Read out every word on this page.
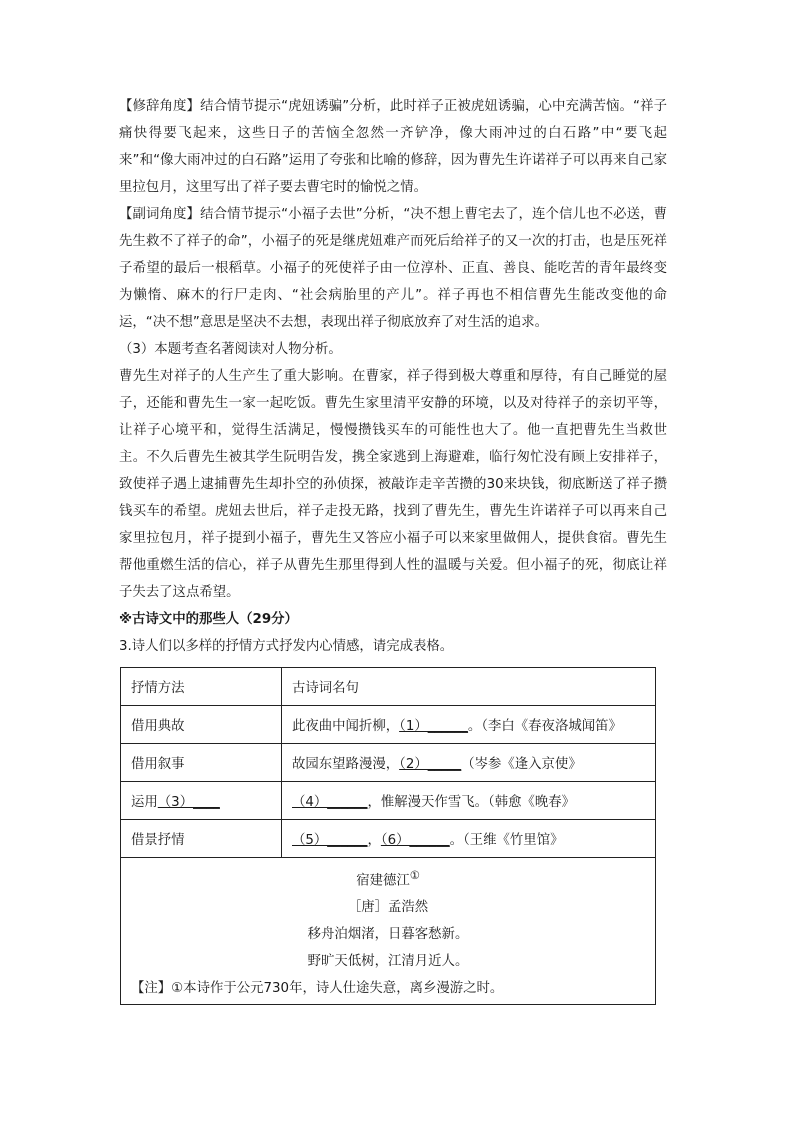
【修辞角度】结合情节提示“虎妞诱骗”分析，此时祥子正被虎妞诱骗，心中充满苦恼。“祥子痛快得要飞起来，这些日子的苦恼全忽然一齐铲净，像大雨冲过的白石路”中“要飞起来”和“像大雨冲过的白石路”运用了夸张和比喻的修辞，因为曹先生许诺祥子可以再来自己家里拉包月，这里写出了祥子要去曹宅时的愉悦之情。

【副词角度】结合情节提示“小福子去世”分析，“决不想上曹宅去了，连个信儿也不必送，曹先生救不了祥子的命”，小福子的死是继虎妞难产而死后给祥子的又一次的打击，也是压死祥子希望的最后一根稻草。小福子的死使祥子由一位淳朴、正直、善良、能吃苦的青年最终变为懒惰、麻木的行尸走肉、“社会病胎里的产儿”。祥子再也不相信曹先生能改变他的命运，“决不想”意思是坚决不去想，表现出祥子彻底放弃了对生活的追求。

（3）本题考查名著阅读对人物分析。

曹先生对祥子的人生产生了重大影响。在曹家，祥子得到极大尊重和厚待，有自己睡觉的屋子，还能和曹先生一家一起吃饭。曹先生家里清平安静的环境，以及对待祥子的亲切平等，让祥子心境平和，觉得生活满足，慢慢攒钱买车的可能性也大了。他一直把曹先生当救世主。不久后曹先生被其学生阮明告发，携全家逃到上海避难，临行匆忙没有顾上安排祥子，致使祥子遇上逮捕曹先生却扑空的孙侦探，被敲诈走辛苦攒的30来块钱，彻底断送了祥子攒钱买车的希望。虎妞去世后，祥子走投无路，找到了曹先生，曹先生许诺祥子可以再来自己家里拉包月，祥子提到小福子，曹先生又答应小福子可以来家里做佣人，提供食宿。曹先生帮他重燃生活的信心，祥子从曹先生那里得到人性的温暖与关爱。但小福子的死，彻底让祥子失去了这点希望。

※古诗文中的那些人（29分）

3.诗人们以多样的抒情方式抒发内心情感，请完成表格。

抒情方法	古诗词名句
借用典故	此夜曲中闻折柳，（1）______。（李白《春夜洛城闻笛》
借用叙事	故园东望路漫漫，（2）_____（岑参《逢入京使》
运用（3）____	（4）______，惟解漫天作雪飞。（韩愈《晚春》
借景抒情	（5）______，（6）______。（王维《竹里馆》

宿建德江①
［唐］孟浩然
移舟泊烟渚，日暮客愁新。
野旷天低树，江清月近人。
【注】①本诗作于公元730年，诗人仕途失意，离乡漫游之时。	
